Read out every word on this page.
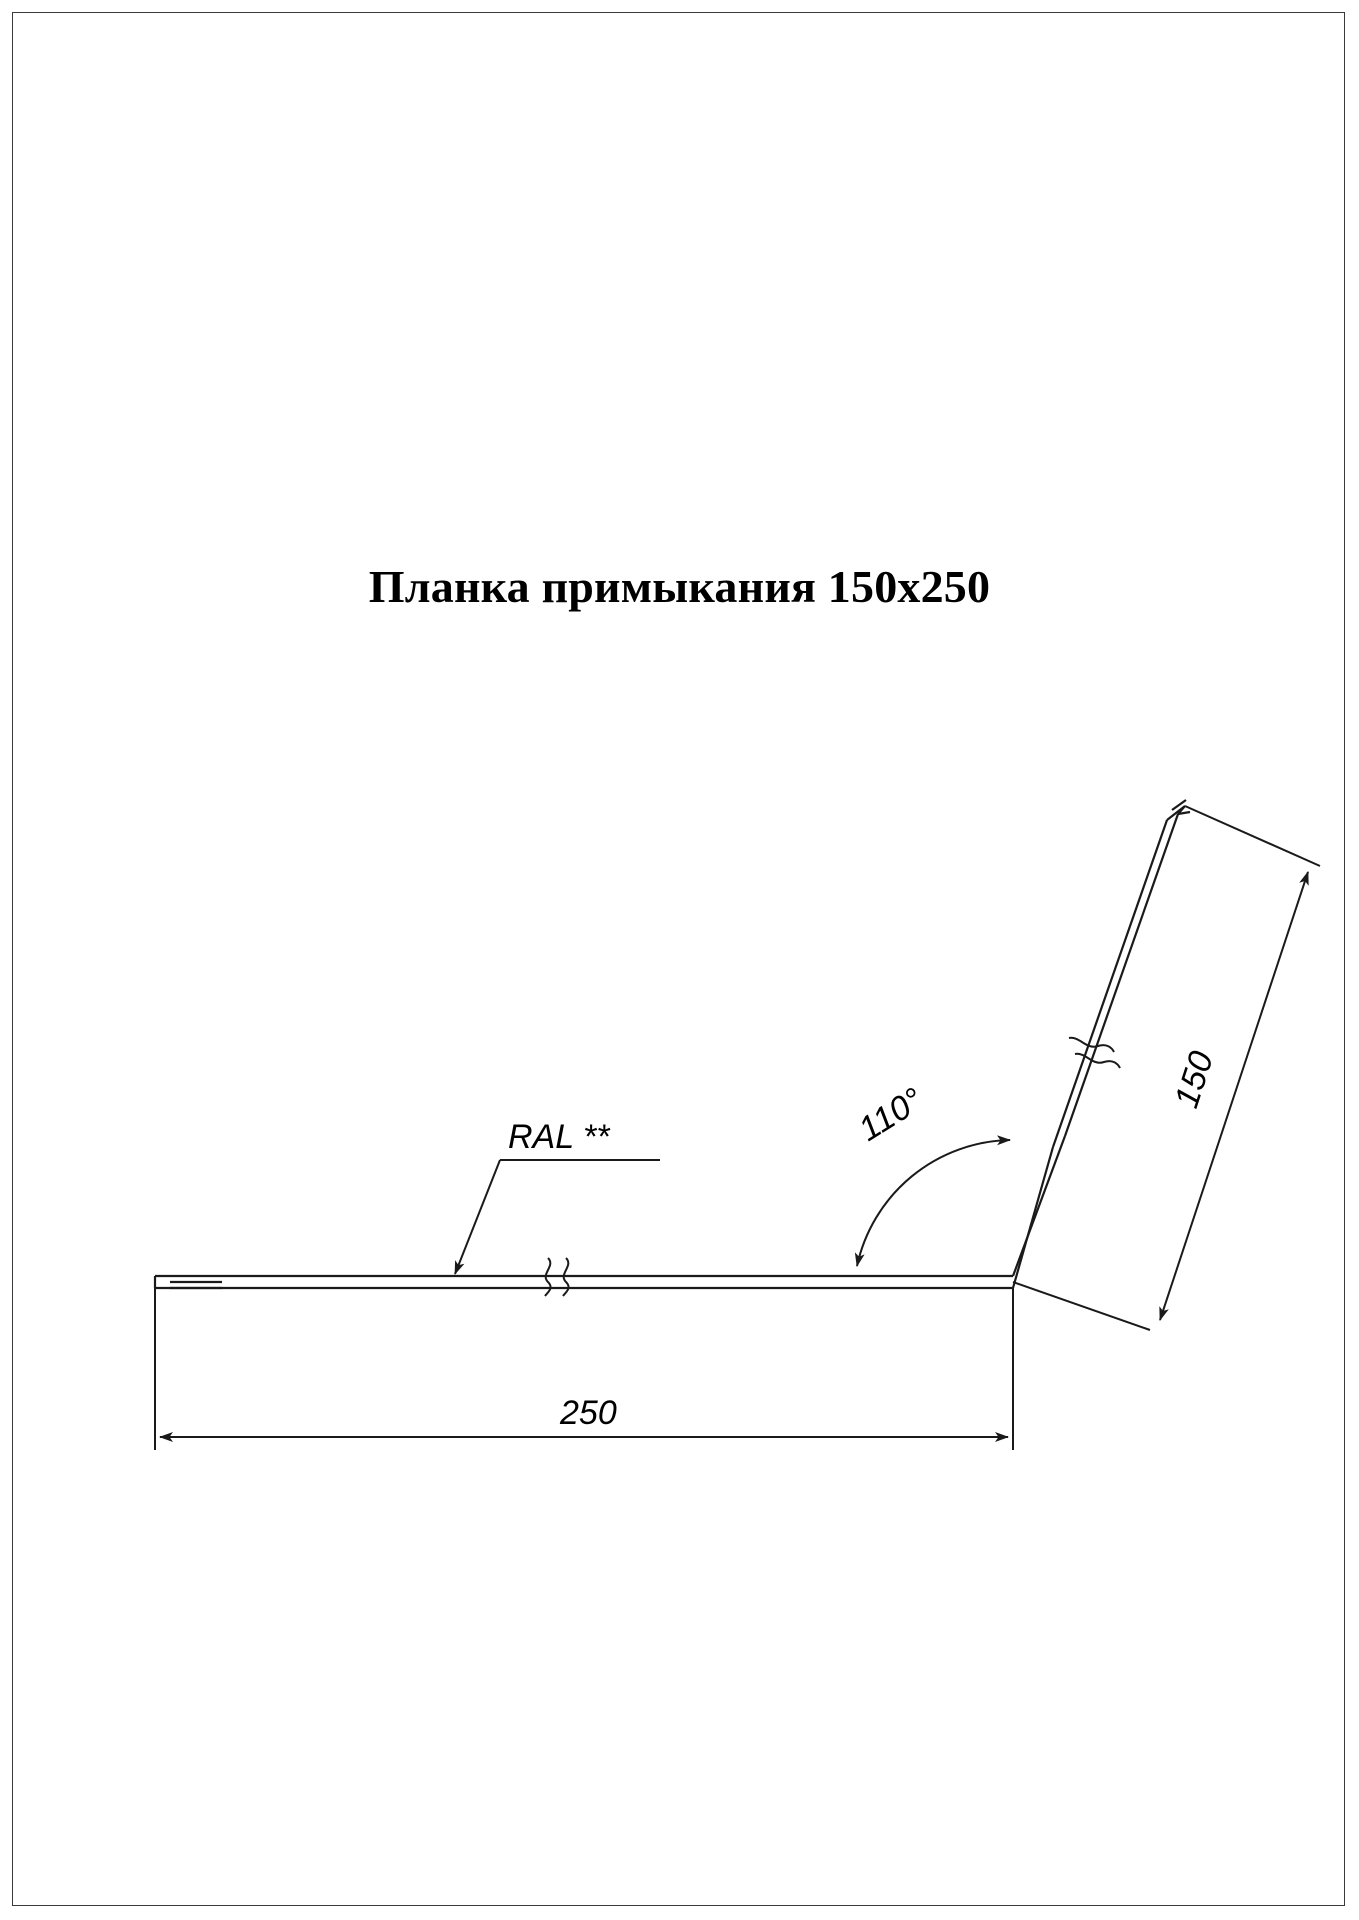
Планка примыкания 150х250
110°
RAL **
250
150
